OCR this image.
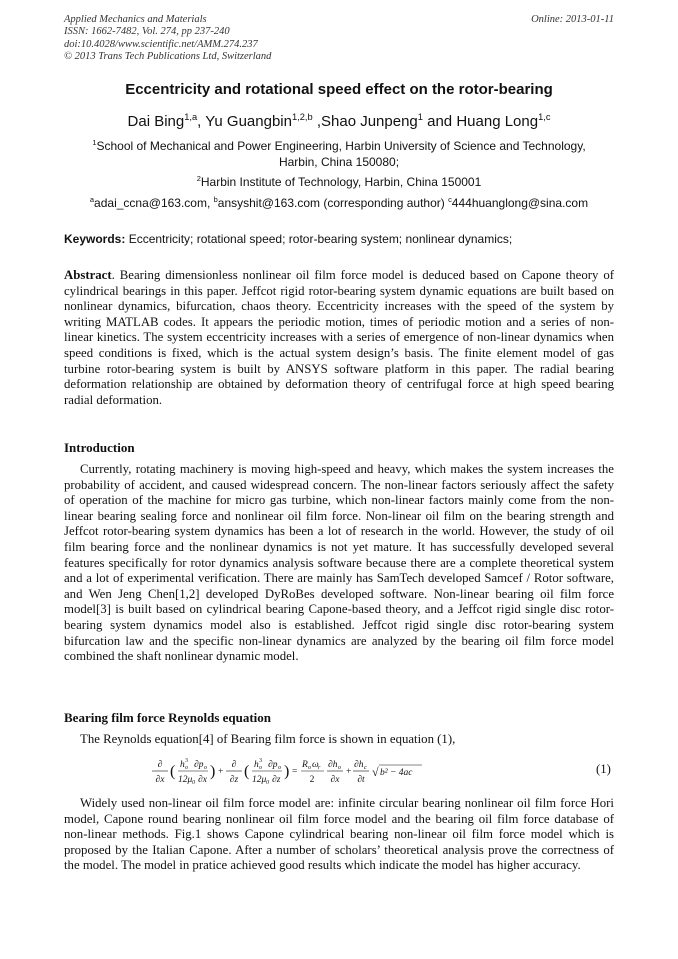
Applied Mechanics and Materials
ISSN: 1662-7482, Vol. 274, pp 237-240
doi:10.4028/www.scientific.net/AMM.274.237
© 2013 Trans Tech Publications Ltd, Switzerland
Online: 2013-01-11
Eccentricity and rotational speed effect on the rotor-bearing
Dai Bing$^{1,a}$, Yu Guangbin$^{1,2,b}$ ,Shao Junpeng$^1$ and Huang Long$^{1,c}$
$^1$School of Mechanical and Power Engineering, Harbin University of Science and Technology,
Harbin, China 150080;
$^2$Harbin Institute of Technology, Harbin, China 150001
$^a$adai_ccna@163.com, $^b$ansyshit@163.com (corresponding author) $^c$444huanglong@sina.com
Keywords: Eccentricity; rotational speed; rotor-bearing system; nonlinear dynamics;
Abstract. Bearing dimensionless nonlinear oil film force model is deduced based on Capone theory of cylindrical bearings in this paper. Jeffcot rigid rotor-bearing system dynamic equations are built based on nonlinear dynamics, bifurcation, chaos theory. Eccentricity increases with the speed of the system by writing MATLAB codes. It appears the periodic motion, times of periodic motion and a series of non-linear kinetics. The system eccentricity increases with a series of emergence of non-linear dynamics when speed conditions is fixed, which is the actual system design’s basis. The finite element model of gas turbine rotor-bearing system is built by ANSYS software platform in this paper. The radial bearing deformation relationship are obtained by deformation theory of centrifugal force at high speed bearing radial deformation.
Introduction
Currently, rotating machinery is moving high-speed and heavy, which makes the system increases the probability of accident, and caused widespread concern. The non-linear factors seriously affect the safety of operation of the machine for micro gas turbine, which non-linear factors mainly come from the non-linear bearing sealing force and nonlinear oil film force. Non-linear oil film on the bearing strength and Jeffcot rotor-bearing system dynamics has been a lot of research in the world. However, the study of oil film bearing force and the nonlinear dynamics is not yet mature. It has successfully developed several features specifically for rotor dynamics analysis software because there are a complete theoretical system and a lot of experimental verification. There are mainly has SamTech developed Samcef / Rotor software, and Wen Jeng Chen[1,2] developed DyRoBes developed software. Non-linear bearing oil film force model[3] is built based on cylindrical bearing Capone-based theory, and a Jeffcot rigid single disc rotor-bearing system dynamics model also is established. Jeffcot rigid single disc rotor-bearing system bifurcation law and the specific non-linear dynamics are analyzed by the bearing oil film force model combined the shaft nonlinear dynamic model.
Bearing film force Reynolds equation
The Reynolds equation[4] of Bearing film force is shown in equation (1),
∂
∂x ( h o
3 ∂p o
12μ 0 ∂x ) +
∂
∂z ( h o
3 ∂p o
12μ 0 ∂z ) =
R o ω r
2
∂h o
∂x
+
∂h c
∂t
√ b² − 4ac	(1)
Widely used non-linear oil film force model are: infinite circular bearing nonlinear oil film force Hori model, Capone round bearing nonlinear oil film force model and the bearing oil film force database of non-linear methods. Fig.1 shows Capone cylindrical bearing non-linear oil film force model which is proposed by the Italian Capone. After a number of scholars’ theoretical analysis prove the correctness of the model. The model in pratice achieved good results which indicate the model has higher accuracy.
